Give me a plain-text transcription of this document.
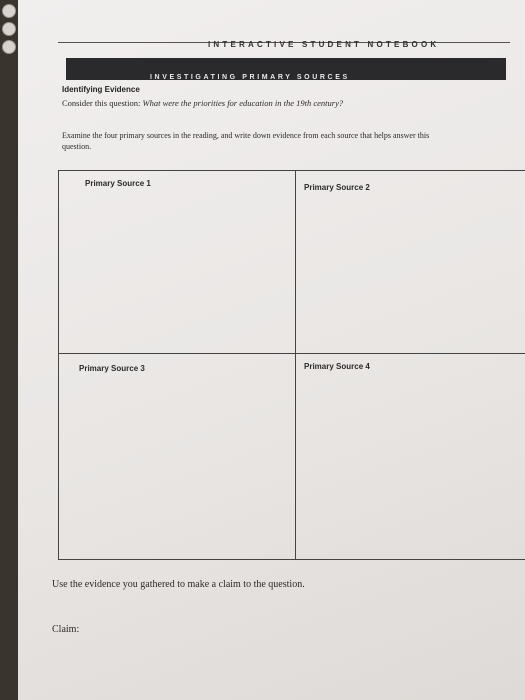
INTERACTIVE STUDENT NOTEBOOK
INVESTIGATING PRIMARY SOURCES
Identifying Evidence
Consider this question: What were the priorities for education in the 19th century?
Examine the four primary sources in the reading, and write down evidence from each source that helps answer this question.
Primary Source 1	Primary Source 2
Primary Source 3	Primary Source 4
Use the evidence you gathered to make a claim to the question.
Claim:
